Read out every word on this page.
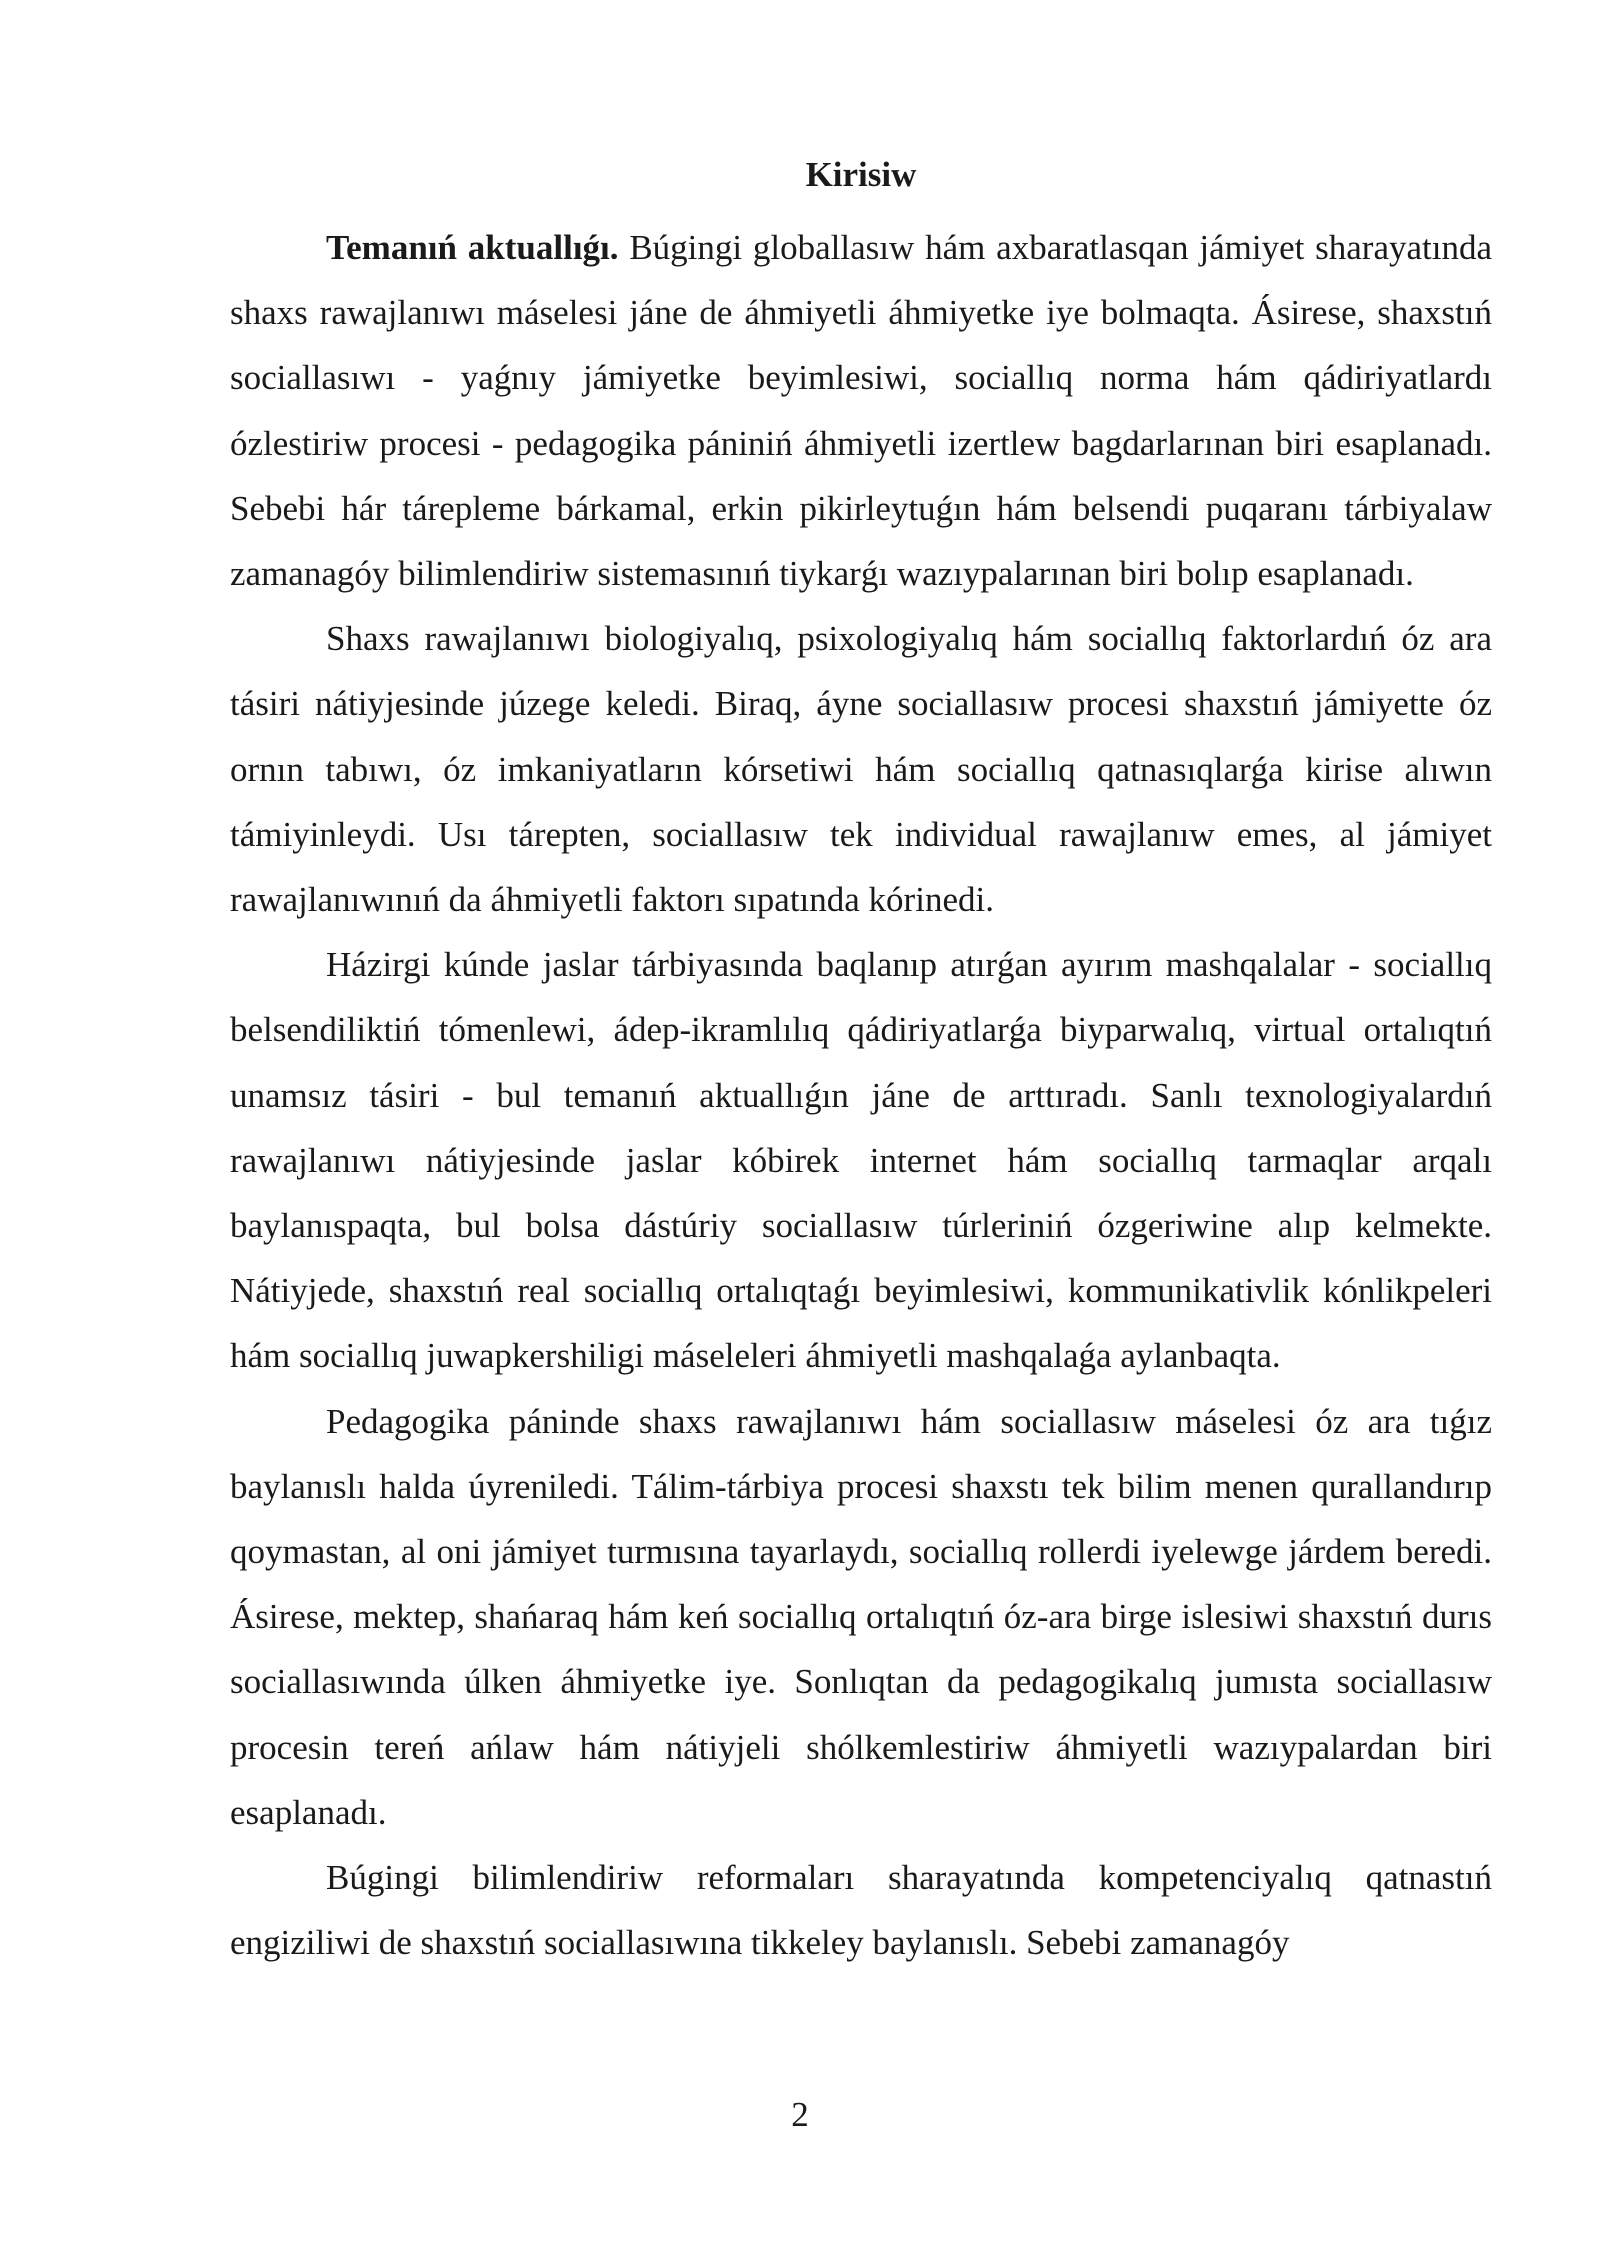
Kirisiw

Temanıń aktuallıǵı. Búgingi globallasıw hám axbaratlasqan jámiyet sharayatında shaxs rawajlanıwı máselesi jáne de áhmiyetli áhmiyetke iye bolmaqta. Ásirese, shaxstıń sociallasıwı - yaǵnıy jámiyetke beyimlesiwi, sociallıq norma hám qádiriyatlardı ózlestiriw procesi - pedagogika pániniń áhmiyetli izertlew bagdarlarınan biri esaplanadı. Sebebi hár tárepleme bárkamal, erkin pikirleytuǵın hám belsendi puqaranı tárbiyalaw zamanagóy bilimlendiriw sistemasınıń tiykarǵı wazıypalarınan biri bolıp esaplanadı.

Shaxs rawajlanıwı biologiyalıq, psixologiyalıq hám sociallıq faktorlardıń óz ara tásiri nátiyjesinde júzege keledi. Biraq, áyne sociallasıw procesi shaxstıń jámiyette óz ornın tabıwı, óz imkaniyatların kórsetiwi hám sociallıq qatnasıqlarǵa kirise alıwın támiyinleydi. Usı tárepten, sociallasıw tek individual rawajlanıw emes, al jámiyet rawajlanıwınıń da áhmiyetli faktorı sıpatında kórinedi.

Házirgi kúnde jaslar tárbiyasında baqlanıp atırǵan ayırım mashqalalar - sociallıq belsendiliktiń tómenlewi, ádep-ikramlılıq qádiriyatlarǵa biyparwalıq, virtual ortalıqtıń unamsız tásiri - bul temanıń aktuallıǵın jáne de arttıradı. Sanlı texnologiyalardıń rawajlanıwı nátiyjesinde jaslar kóbirek internet hám sociallıq tarmaqlar arqalı baylanıspaqta, bul bolsa dástúriy sociallasıw túrleriniń ózgeriwine alıp kelmekte. Nátiyjede, shaxstıń real sociallıq ortalıqtaǵı beyimlesiwi, kommunikativlik kónlikpeleri hám sociallıq juwapkershiligi máseleleri áhmiyetli mashqalaǵa aylanbaqta.

Pedagogika páninde shaxs rawajlanıwı hám sociallasıw máselesi óz ara tıǵız baylanıslı halda úyreniledi. Tálim-tárbiya procesi shaxstı tek bilim menen qurallandırıp qoymastan, al oni jámiyet turmısına tayarlaydı, sociallıq rollerdi iyelewge járdem beredi. Ásirese, mektep, shańaraq hám keń sociallıq ortalıqtıń óz-ara birge islesiwi shaxstıń durıs sociallasıwında úlken áhmiyetke iye. Sonlıqtan da pedagogikalıq jumısta sociallasıw procesin tereń ańlaw hám nátiyjeli shólkemlestiriw áhmiyetli wazıypalardan biri esaplanadı.

Búgingi bilimlendiriw reformaları sharayatında kompetenciyalıq qatnastıń engiziliwi de shaxstıń sociallasıwına tikkeley baylanıslı. Sebebi zamanagóy

2
